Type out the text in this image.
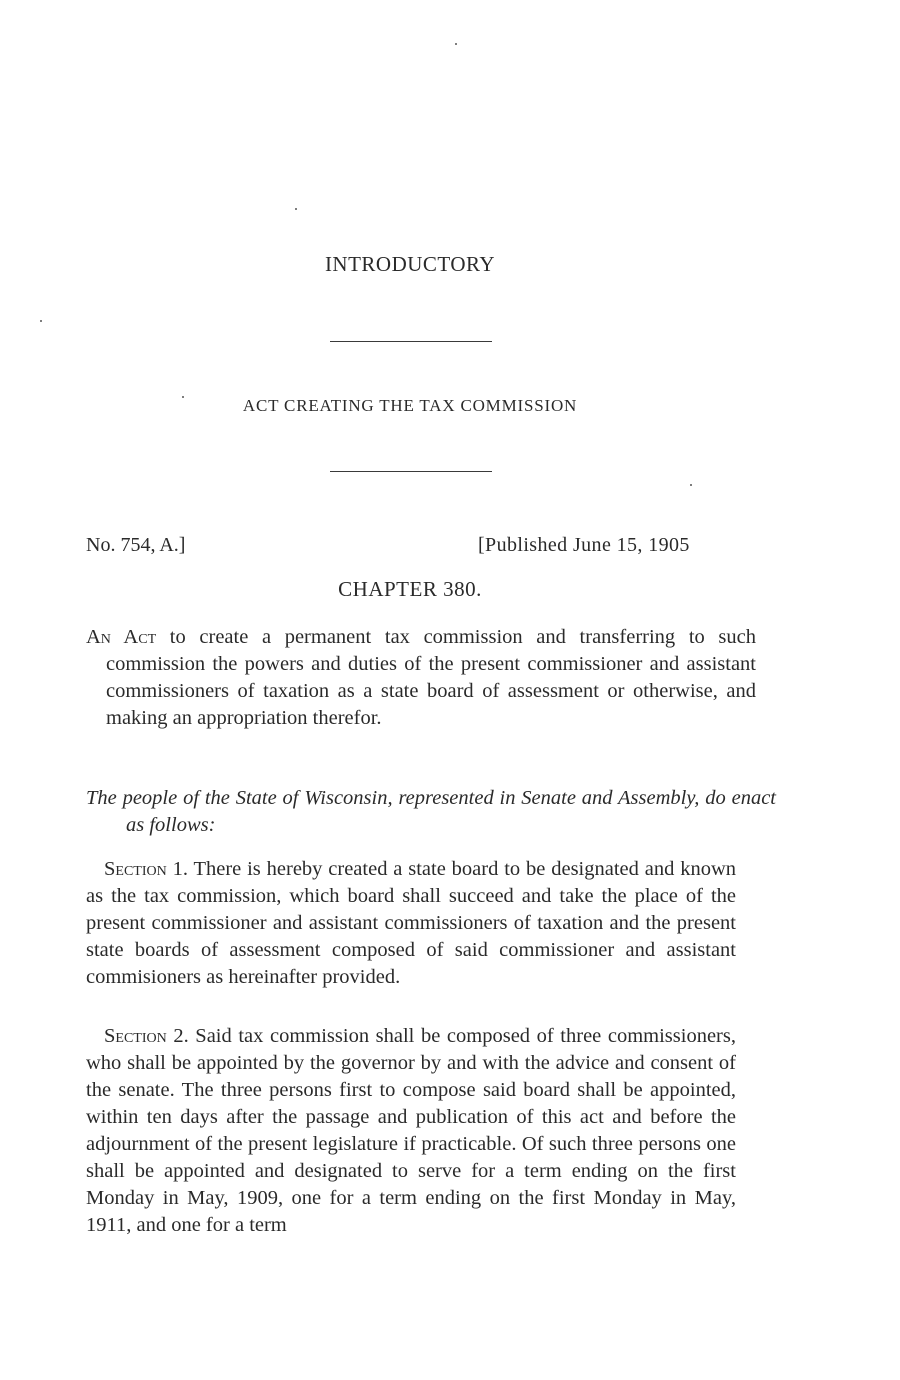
INTRODUCTORY
ACT CREATING THE TAX COMMISSION
No. 754, A.]	[Published June 15, 1905
CHAPTER 380.
An Act to create a permanent tax commission and transferring to such commission the powers and duties of the present commissioner and assistant commissioners of taxation as a state board of assessment or otherwise, and making an appropriation therefor.
The people of the State of Wisconsin, represented in Senate and Assembly, do enact as follows:
Section 1. There is hereby created a state board to be designated and known as the tax commission, which board shall succeed and take the place of the present commissioner and assistant commissioners of taxation and the present state boards of assessment composed of said commissioner and assistant commisioners as hereinafter provided.
Section 2. Said tax commission shall be composed of three commissioners, who shall be appointed by the governor by and with the advice and consent of the senate. The three persons first to compose said board shall be appointed, within ten days after the passage and publication of this act and before the adjournment of the present legislature if practicable. Of such three persons one shall be appointed and designated to serve for a term ending on the first Monday in May, 1909, one for a term ending on the first Monday in May, 1911, and one for a term
